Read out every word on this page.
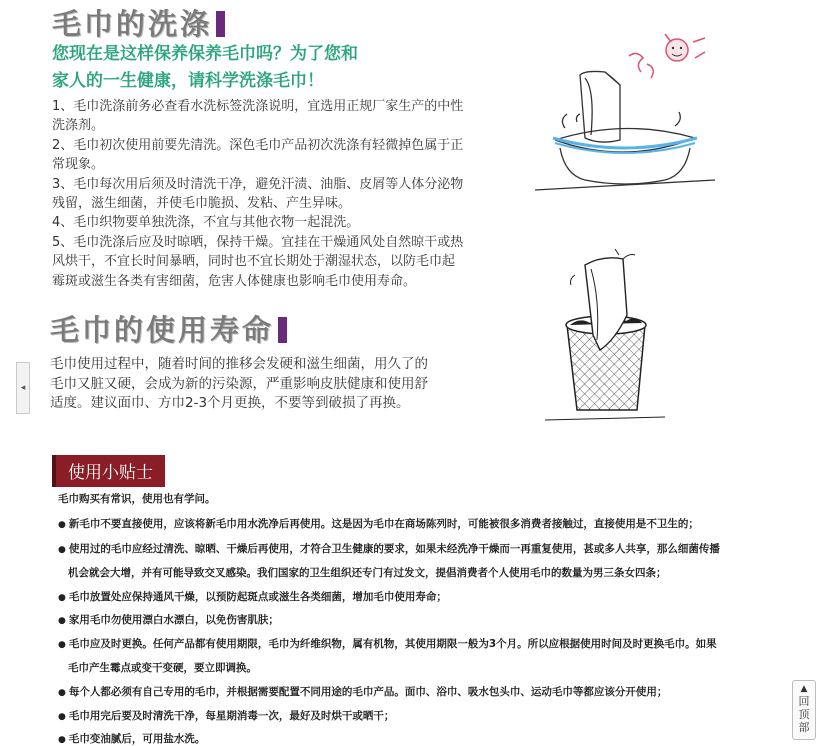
毛巾的洗涤
您现在是这样保养保养毛巾吗？为了您和
家人的一生健康，请科学洗涤毛巾！

1、毛巾洗涤前务必查看水洗标签洗涤说明，宜选用正规厂家生产的中性洗涤剂。

2、毛巾初次使用前要先清洗。深色毛巾产品初次洗涤有轻微掉色属于正常现象。

3、毛巾每次用后须及时清洗干净，避免汗渍、油脂、皮屑等人体分泌物残留，滋生细菌，并使毛巾脆损、发粘、产生异味。

4、毛巾织物要单独洗涤，不宜与其他衣物一起混洗。

5、毛巾洗涤后应及时晾晒，保持干燥。宜挂在干燥通风处自然晾干或热风烘干，不宜长时间暴晒，同时也不宜长期处于潮湿状态，以防毛巾起霉斑或滋生各类有害细菌，危害人体健康也影响毛巾使用寿命。

毛巾的使用寿命

毛巾使用过程中，随着时间的推移会发硬和滋生细菌，用久了的毛巾又脏又硬，会成为新的污染源，严重影响皮肤健康和使用舒适度。建议面巾、方巾2-3个月更换，不要等到破损了再换。

使用小贴士
毛巾购买有常识，使用也有学问。
● 新毛巾不要直接使用，应该将新毛巾用水洗净后再使用。这是因为毛巾在商场陈列时，可能被很多消费者接触过，直接使用是不卫生的；
● 使用过的毛巾应经过清洗、晾晒、干燥后再使用，才符合卫生健康的要求，如果未经洗净干燥而一再重复使用，甚或多人共享，那么细菌传播
机会就会大增，并有可能导致交叉感染。我们国家的卫生组织还专门有过发文，提倡消费者个人使用毛巾的数量为男三条女四条；
● 毛巾放置处应保持通风干燥，以预防起斑点或滋生各类细菌，增加毛巾使用寿命；
● 家用毛巾勿使用漂白水漂白，以免伤害肌肤；
● 毛巾应及时更换。任何产品都有使用期限，毛巾为纤维织物，属有机物，其使用期限一般为3个月。所以应根据使用时间及时更换毛巾。如果
毛巾产生霉点或变干变硬，要立即调换。
● 每个人都必须有自己专用的毛巾，并根据需要配置不同用途的毛巾产品。面巾、浴巾、吸水包头巾、运动毛巾等都应该分开使用；
● 毛巾用完后要及时清洗干净，每星期消毒一次，最好及时烘干或晒干；
● 毛巾变油腻后，可用盐水洗。
◂
▲
回顶部
